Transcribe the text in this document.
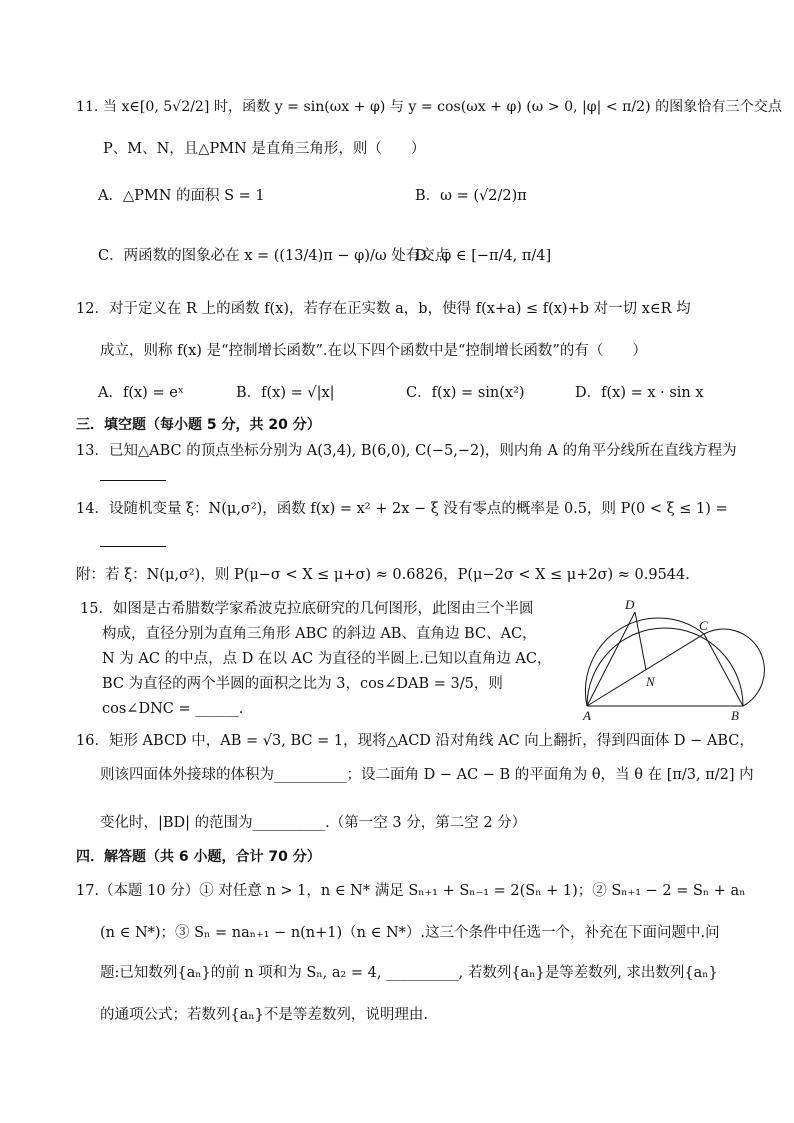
11. 当 x∈[0, 5√2/2] 时，函数 y = sin(ωx + φ) 与 y = cos(ωx + φ) (ω > 0, |φ| < π/2) 的图象恰有三个交点
P、M、N，且△PMN 是直角三角形，则（　　）
A．△PMN 的面积 S = 1	B．ω = (√2/2)π
C．两函数的图象必在 x = ((13/4)π − φ)/ω 处有交点
D．φ ∈ [−π/4, π/4]
12．对于定义在 R 上的函数 f(x)，若存在正实数 a，b，使得 f(x+a) ≤ f(x)+b 对一切 x∈R 均
成立，则称 f(x) 是“控制增长函数”.在以下四个函数中是“控制增长函数”的有（　　）
A．f(x) = eˣ	B．f(x) = √|x|	C．f(x) = sin(x²)	D．f(x) = x · sin x
三．填空题（每小题 5 分，共 20 分）
13．已知△ABC 的顶点坐标分别为 A(3,4), B(6,0), C(−5,−2)，则内角 A 的角平分线所在直线方程为
14．设随机变量 ξ：N(μ,σ²)，函数 f(x) = x² + 2x − ξ 没有零点的概率是 0.5，则 P(0 < ξ ≤ 1) =
附：若 ξ：N(μ,σ²)，则 P(μ−σ < X ≤ μ+σ) ≈ 0.6826，P(μ−2σ < X ≤ μ+2σ) ≈ 0.9544.
15．如图是古希腊数学家希波克拉底研究的几何图形，此图由三个半圆
构成，直径分别为直角三角形 ABC 的斜边 AB、直角边 BC、AC，
N 为 AC 的中点，点 D 在以 AC 为直径的半圆上.已知以直角边 AC，
BC 为直径的两个半圆的面积之比为 3，cos∠DAB = 3/5，则
cos∠DNC = ______.
D
C
N
A	B
16．矩形 ABCD 中，AB = √3, BC = 1，现将△ACD 沿对角线 AC 向上翻折，得到四面体 D − ABC，
则该四面体外接球的体积为__________；设二面角 D − AC − B 的平面角为 θ，当 θ 在 [π/3, π/2] 内
变化时，|BD| 的范围为__________.（第一空 3 分，第二空 2 分）
四．解答题（共 6 小题，合计 70 分）
17.（本题 10 分）① 对任意 n > 1，n ∈ N* 满足 Sₙ₊₁ + Sₙ₋₁ = 2(Sₙ + 1)；② Sₙ₊₁ − 2 = Sₙ + aₙ
(n ∈ N*)；③ Sₙ = naₙ₊₁ − n(n+1)（n ∈ N*）.这三个条件中任选一个，补充在下面问题中.问
题:已知数列{aₙ}的前 n 项和为 Sₙ, a₂ = 4, __________, 若数列{aₙ}是等差数列, 求出数列{aₙ}
的通项公式；若数列{aₙ}不是等差数列，说明理由.
